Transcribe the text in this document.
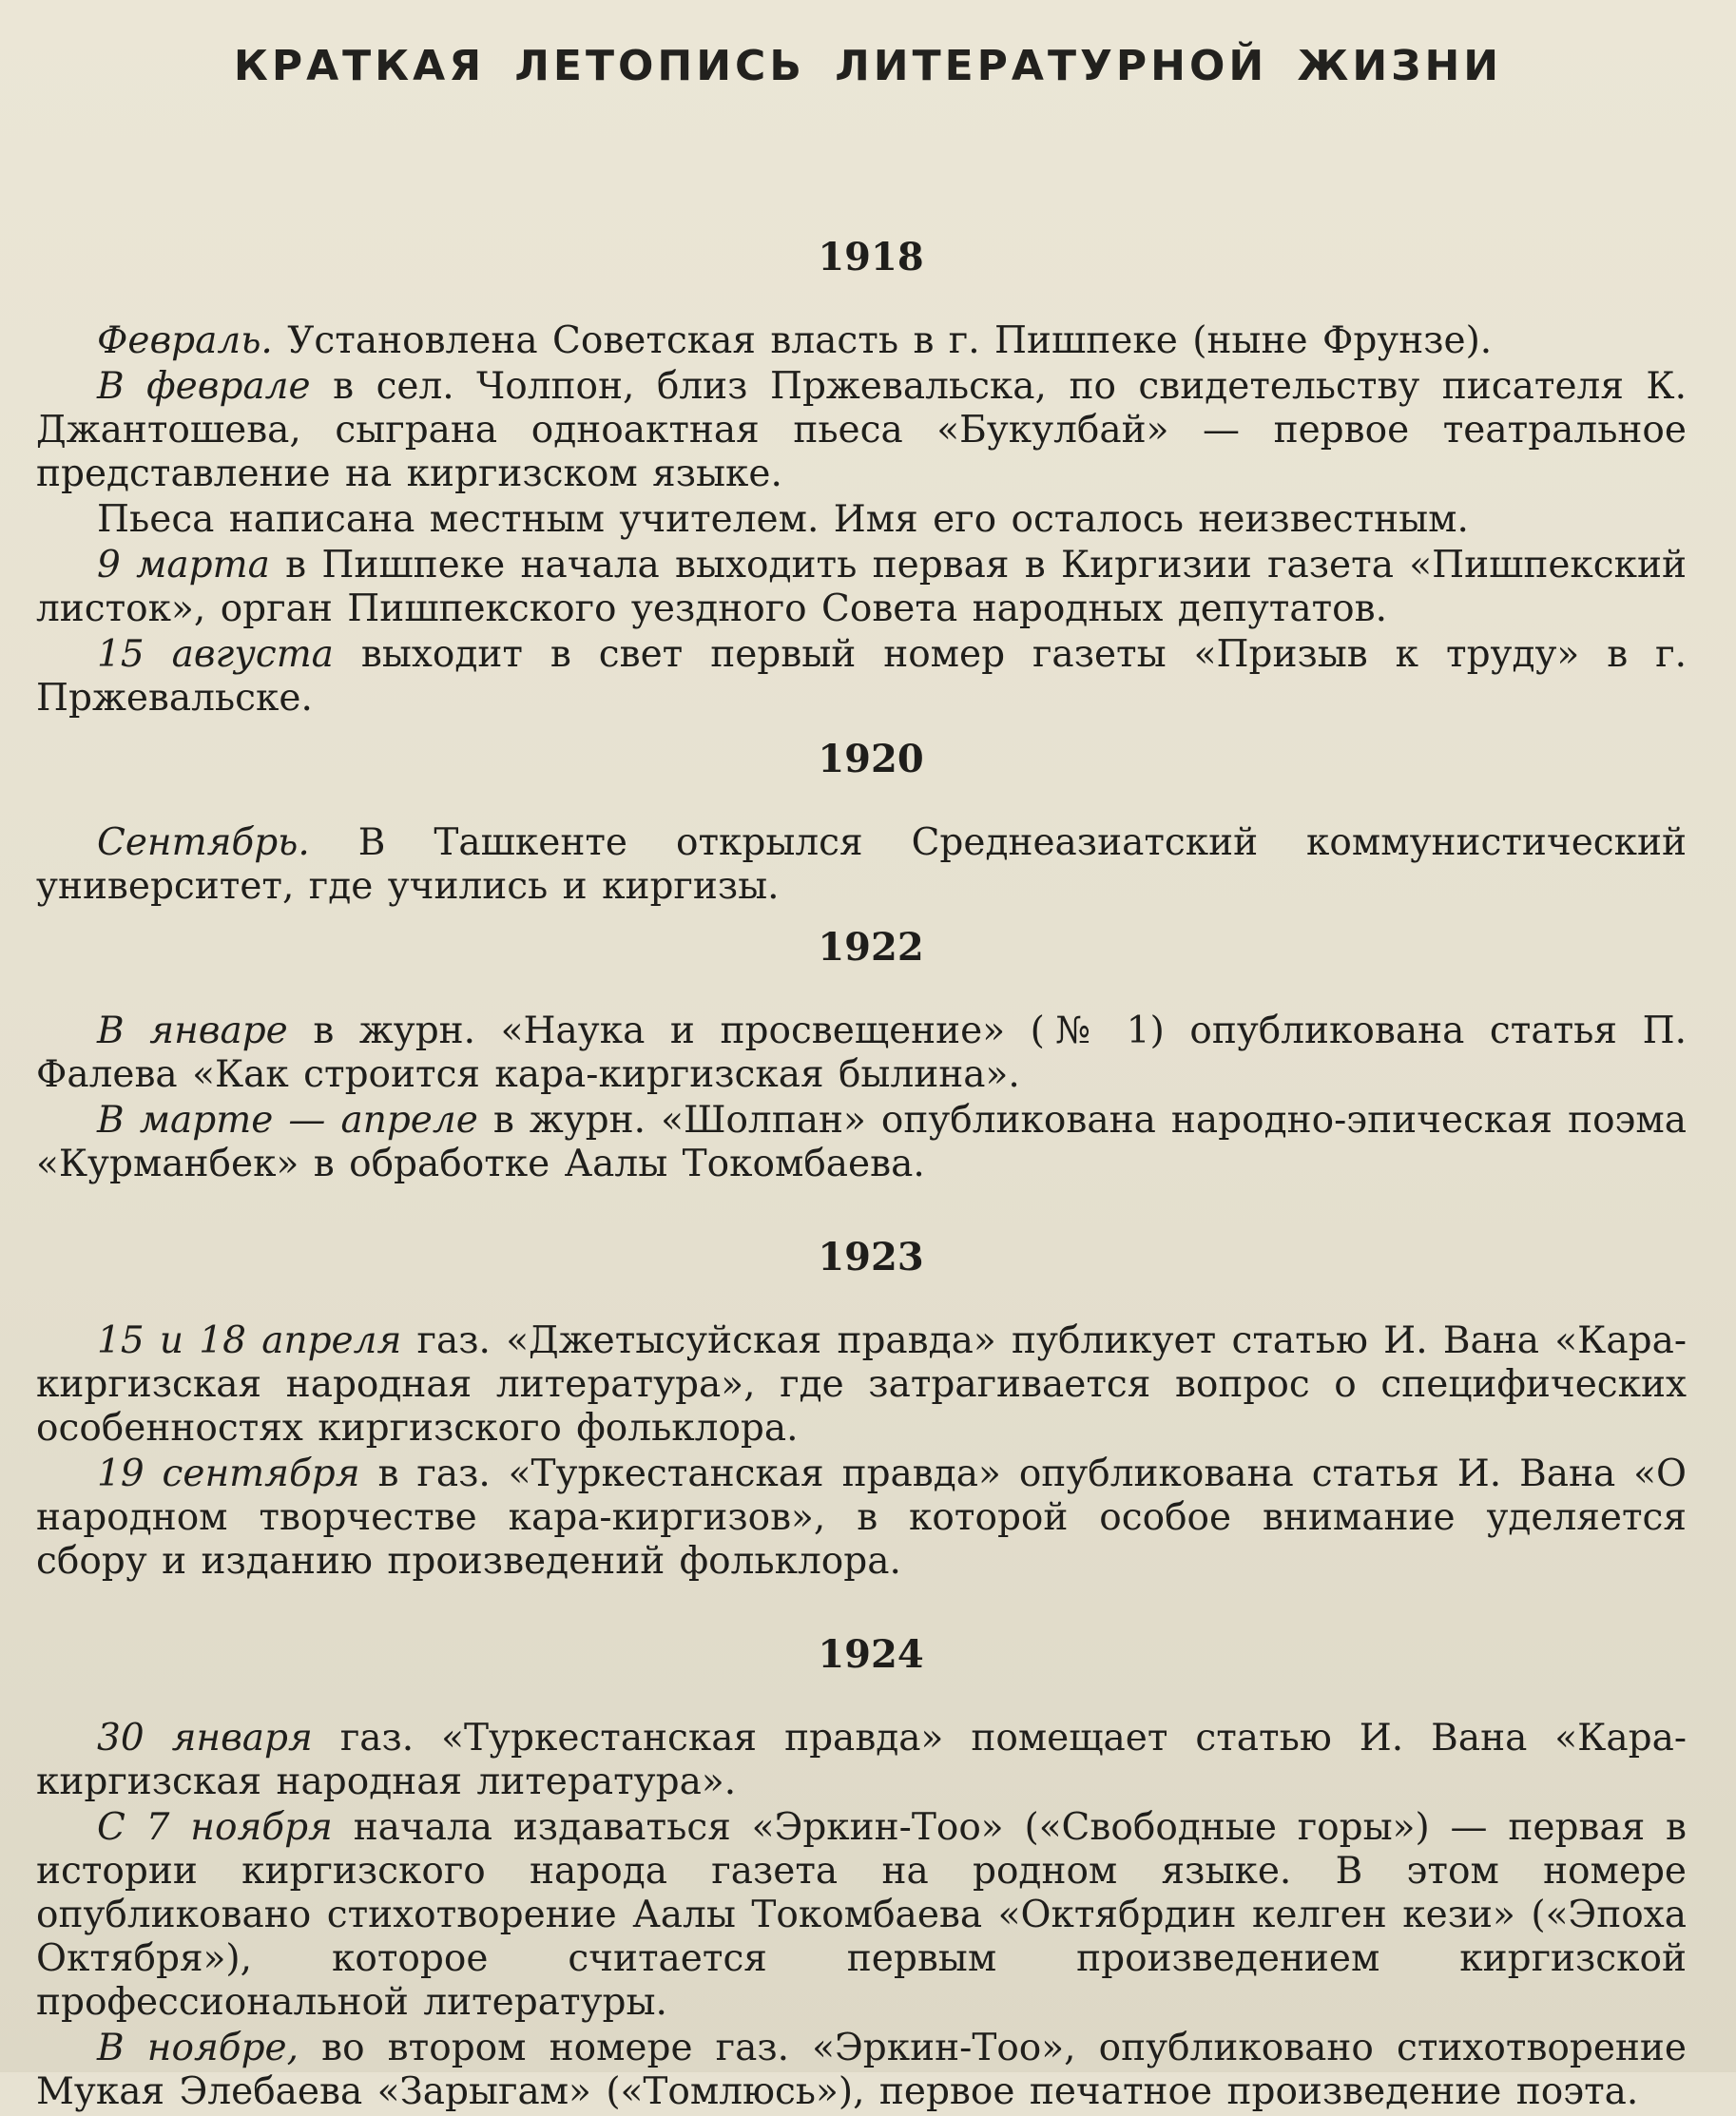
КРАТКАЯ ЛЕТОПИСЬ ЛИТЕРАТУРНОЙ ЖИЗНИ
1918

Февраль. Установлена Советская власть в г. Пишпеке (ныне Фрунзе).

В феврале в сел. Чолпон, близ Пржевальска, по свидетельству писателя К. Джантошева, сыграна одноактная пьеса «Букулбай» — первое театральное представление на киргизском языке.

Пьеса написана местным учителем. Имя его осталось неизвестным.

9 марта в Пишпеке начала выходить первая в Киргизии газета «Пишпекский листок», орган Пишпекского уездного Совета народных депутатов.

15 августа выходит в свет первый номер газеты «Призыв к труду» в г. Пржевальске.

1920

Сентябрь. В Ташкенте открылся Среднеазиатский коммунистический университет, где учились и киргизы.

1922

В январе в журн. «Наука и просвещение» (№ 1) опубликована статья П. Фалева «Как строится кара-киргизская былина».

В марте — апреле в журн. «Шолпан» опубликована народно-эпическая поэма «Курманбек» в обработке Аалы Токомбаева.

1923

15 и 18 апреля газ. «Джетысуйская правда» публикует статью И. Вана «Кара-киргизская народная литература», где затрагивается вопрос о специфических особенностях киргизского фольклора.

19 сентября в газ. «Туркестанская правда» опубликована статья И. Вана «О народном творчестве кара-киргизов», в которой особое внимание уделяется сбору и изданию произведений фольклора.

1924

30 января газ. «Туркестанская правда» помещает статью И. Вана «Кара-киргизская народная литература».

С 7 ноября начала издаваться «Эркин-Тоо» («Свободные горы») — первая в истории киргизского народа газета на родном языке. В этом номере опубликовано стихотворение Аалы Токомбаева «Октябрдин келген кези» («Эпоха Октября»), которое считается первым произведением киргизской профессиональной литературы.

В ноябре, во втором номере газ. «Эркин-Тоо», опубликовано стихотворение Мукая Элебаева «Зарыгам» («Томлюсь»), первое печатное произведение поэта.
